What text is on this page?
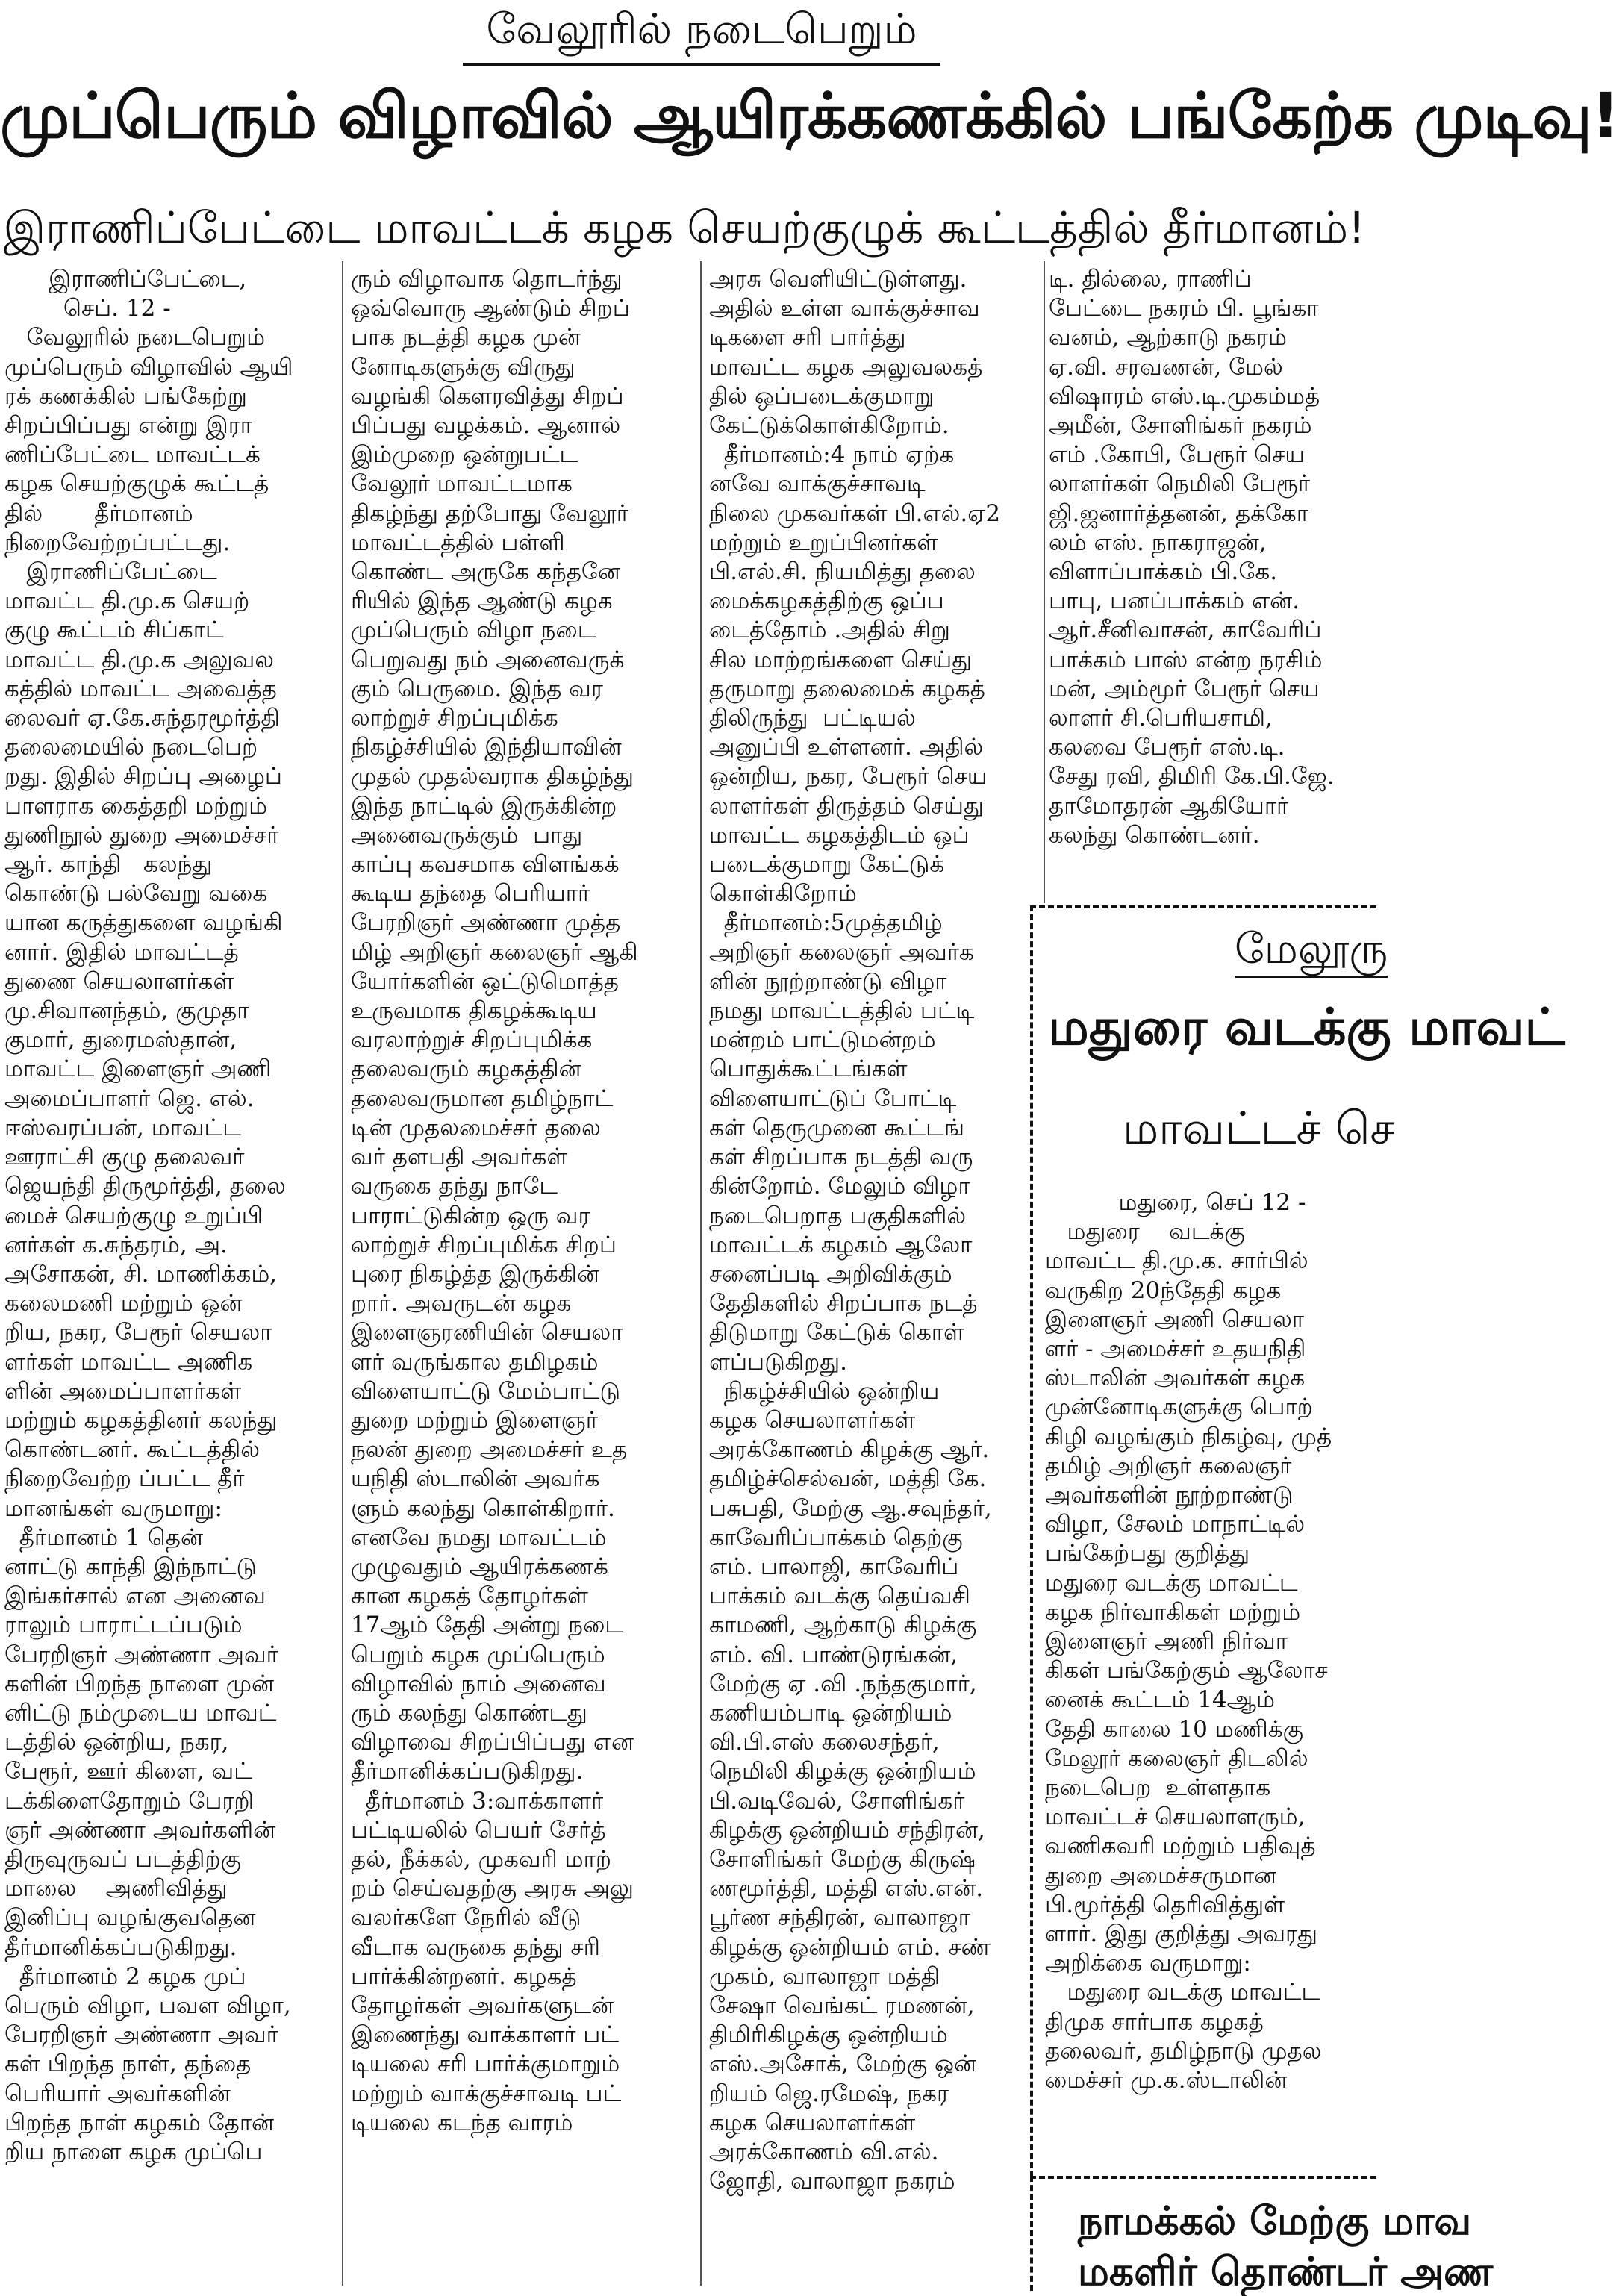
வேலூரில் நடைபெறும்
முப்பெரும் விழாவில் ஆயிரக்கணக்கில் பங்கேற்க முடிவு!
இராணிப்பேட்டை மாவட்டக் கழக செயற்குழுக் கூட்டத்தில் தீர்மானம்!
இராணிப்பேட்டை,
செப். 12 -
வேலூரில் நடைபெறும்
முப்பெரும் விழாவில் ஆயி
ரக் கணக்கில் பங்கேற்று
சிறப்பிப்பது என்று இரா
ணிப்பேட்டை மாவட்டக்
கழக செயற்குழுக் கூட்டத்
தில்       தீர்மானம்
நிறைவேற்றப்பட்டது.
இராணிப்பேட்டை
மாவட்ட தி.மு.க செயற்
குழு கூட்டம் சிப்காட்
மாவட்ட தி.மு.க அலுவல
கத்தில் மாவட்ட அவைத்த
லைவர் ஏ.கே.சுந்தரமூர்த்தி
தலைமையில் நடைபெற்
றது. இதில் சிறப்பு அழைப்
பாளராக கைத்தறி மற்றும்
துணிநூல் துறை அமைச்சர்
ஆர். காந்தி   கலந்து
கொண்டு பல்வேறு வகை
யான கருத்துகளை வழங்கி
னார். இதில் மாவட்டத்
துணை செயலாளர்கள்
மு.சிவானந்தம், குமுதா
குமார், துரைமஸ்தான்,
மாவட்ட இளைஞர் அணி
அமைப்பாளர் ஜெ. எல்.
ஈஸ்வரப்பன், மாவட்ட
ஊராட்சி குழு தலைவர்
ஜெயந்தி திருமூர்த்தி, தலை
மைச் செயற்குழு உறுப்பி
னர்கள் க.சுந்தரம், அ.
அசோகன், சி. மாணிக்கம்,
கலைமணி மற்றும் ஒன்
றிய, நகர, பேரூர் செயலா
ளர்கள் மாவட்ட அணிக
ளின் அமைப்பாளர்கள்
மற்றும் கழகத்தினர் கலந்து
கொண்டனர். கூட்டத்தில்
நிறைவேற்ற ப்பட்ட தீர்
மானங்கள் வருமாறு:
தீர்மானம் 1 தென்
னாட்டு காந்தி இந்நாட்டு
இங்கர்சால் என அனைவ
ராலும் பாராட்டப்படும்
பேரறிஞர் அண்ணா அவர்
களின் பிறந்த நாளை முன்
னிட்டு நம்முடைய மாவட்
டத்தில் ஒன்றிய, நகர,
பேரூர், ஊர் கிளை, வட்
டக்கிளைதோறும் பேரறி
ஞர் அண்ணா அவர்களின்
திருவுருவப் படத்திற்கு
மாலை    அணிவித்து
இனிப்பு வழங்குவதென
தீர்மானிக்கப்படுகிறது.
தீர்மானம் 2 கழக முப்
பெரும் விழா, பவள விழா,
பேரறிஞர் அண்ணா அவர்
கள் பிறந்த நாள், தந்தை
பெரியார் அவர்களின்
பிறந்த நாள் கழகம் தோன்
றிய நாளை கழக முப்பெ
ரும் விழாவாக தொடர்ந்து
ஒவ்வொரு ஆண்டும் சிறப்
பாக நடத்தி கழக முன்
னோடிகளுக்கு விருது
வழங்கி கௌரவித்து சிறப்
பிப்பது வழக்கம். ஆனால்
இம்முறை ஒன்றுபட்ட
வேலூர் மாவட்டமாக
திகழ்ந்து தற்போது வேலூர்
மாவட்டத்தில் பள்ளி
கொண்ட அருகே கந்தனே
ரியில் இந்த ஆண்டு கழக
முப்பெரும் விழா நடை
பெறுவது நம் அனைவருக்
கும் பெருமை. இந்த வர
லாற்றுச் சிறப்புமிக்க
நிகழ்ச்சியில் இந்தியாவின்
முதல் முதல்வராக திகழ்ந்து
இந்த நாட்டில் இருக்கின்ற
அனைவருக்கும்  பாது
காப்பு கவசமாக விளங்கக்
கூடிய தந்தை பெரியார்
பேரறிஞர் அண்ணா முத்த
மிழ் அறிஞர் கலைஞர் ஆகி
யோர்களின் ஒட்டுமொத்த
உருவமாக திகழக்கூடிய
வரலாற்றுச் சிறப்புமிக்க
தலைவரும் கழகத்தின்
தலைவருமான தமிழ்நாட்
டின் முதலமைச்சர் தலை
வர் தளபதி அவர்கள்
வருகை தந்து நாடே
பாராட்டுகின்ற ஒரு வர
லாற்றுச் சிறப்புமிக்க சிறப்
புரை நிகழ்த்த இருக்கின்
றார். அவருடன் கழக
இளைஞரணியின் செயலா
ளர் வருங்கால தமிழகம்
விளையாட்டு மேம்பாட்டு
துறை மற்றும் இளைஞர்
நலன் துறை அமைச்சர் உத
யநிதி ஸ்டாலின் அவர்க
ளும் கலந்து கொள்கிறார்.
எனவே நமது மாவட்டம்
முழுவதும் ஆயிரக்கணக்
கான கழகத் தோழர்கள்
17ஆம் தேதி அன்று நடை
பெறும் கழக முப்பெரும்
விழாவில் நாம் அனைவ
ரும் கலந்து கொண்டது
விழாவை சிறப்பிப்பது என
தீர்மானிக்கப்படுகிறது.
தீர்மானம் 3:வாக்காளர்
பட்டியலில் பெயர் சேர்த்
தல், நீக்கல், முகவரி மாற்
றம் செய்வதற்கு அரசு அலு
வலர்களே நேரில் வீடு
வீடாக வருகை தந்து சரி
பார்க்கின்றனர். கழகத்
தோழர்கள் அவர்களுடன்
இணைந்து வாக்காளர் பட்
டியலை சரி பார்க்குமாறும்
மற்றும் வாக்குச்சாவடி பட்
டியலை கடந்த வாரம்
அரசு வெளியிட்டுள்ளது.
அதில் உள்ள வாக்குச்சாவ
டிகளை சரி பார்த்து
மாவட்ட கழக அலுவலகத்
தில் ஒப்படைக்குமாறு
கேட்டுக்கொள்கிறோம்.
தீர்மானம்:4 நாம் ஏற்க
னவே வாக்குச்சாவடி
நிலை முகவர்கள் பி.எல்.ஏ2
மற்றும் உறுப்பினர்கள்
பி.எல்.சி. நியமித்து தலை
மைக்கழகத்திற்கு ஒப்ப
டைத்தோம் .அதில் சிறு
சில மாற்றங்களை செய்து
தருமாறு தலைமைக் கழகத்
திலிருந்து  பட்டியல்
அனுப்பி உள்ளனர். அதில்
ஒன்றிய, நகர, பேரூர் செய
லாளர்கள் திருத்தம் செய்து
மாவட்ட கழகத்திடம் ஒப்
படைக்குமாறு கேட்டுக்
கொள்கிறோம்
தீர்மானம்:5முத்தமிழ்
அறிஞர் கலைஞர் அவர்க
ளின் நூற்றாண்டு விழா
நமது மாவட்டத்தில் பட்டி
மன்றம் பாட்டுமன்றம்
பொதுக்கூட்டங்கள்
விளையாட்டுப் போட்டி
கள் தெருமுனை கூட்டங்
கள் சிறப்பாக நடத்தி வரு
கின்றோம். மேலும் விழா
நடைபெறாத பகுதிகளில்
மாவட்டக் கழகம் ஆலோ
சனைப்படி அறிவிக்கும்
தேதிகளில் சிறப்பாக நடத்
திடுமாறு கேட்டுக் கொள்
ளப்படுகிறது.
நிகழ்ச்சியில் ஒன்றிய
கழக செயலாளர்கள்
அரக்கோணம் கிழக்கு ஆர்.
தமிழ்ச்செல்வன், மத்தி கே.
பசுபதி, மேற்கு ஆ.சவுந்தர்,
காவேரிப்பாக்கம் தெற்கு
எம். பாலாஜி, காவேரிப்
பாக்கம் வடக்கு தெய்வசி
காமணி, ஆற்காடு கிழக்கு
எம். வி. பாண்டுரங்கன்,
மேற்கு ஏ .வி .நந்தகுமார்,
கணியம்பாடி ஒன்றியம்
வி.பி.எஸ் கலைசந்தர்,
நெமிலி கிழக்கு ஒன்றியம்
பி.வடிவேல், சோளிங்கர்
கிழக்கு ஒன்றியம் சந்திரன்,
சோளிங்கர் மேற்கு கிருஷ்
ணமூர்த்தி, மத்தி எஸ்.என்.
பூர்ண சந்திரன், வாலாஜா
கிழக்கு ஒன்றியம் எம். சண்
முகம், வாலாஜா மத்தி
சேஷா வெங்கட் ரமணன்,
திமிரிகிழக்கு ஒன்றியம்
எஸ்.அசோக், மேற்கு ஒன்
றியம் ஜெ.ரமேஷ், நகர
கழக செயலாளர்கள்
அரக்கோணம் வி.எல்.
ஜோதி, வாலாஜா நகரம்
டி. தில்லை, ராணிப்
பேட்டை நகரம் பி. பூங்கா
வனம், ஆற்காடு நகரம்
ஏ.வி. சரவணன், மேல்
விஷாரம் எஸ்.டி.முகம்மத்
அமீன், சோளிங்கர் நகரம்
எம் .கோபி, பேரூர் செய
லாளர்கள் நெமிலி பேரூர்
ஜி.ஜனார்த்தனன், தக்கோ
லம் எஸ். நாகராஜன்,
விளாப்பாக்கம் பி.கே.
பாபு, பனப்பாக்கம் என்.
ஆர்.சீனிவாசன், காவேரிப்
பாக்கம் பாஸ் என்ற நரசிம்
மன், அம்மூர் பேரூர் செய
லாளர் சி.பெரியசாமி,
கலவை பேரூர் எஸ்.டி.
சேது ரவி, திமிரி கே.பி.ஜே.
தாமோதரன் ஆகியோர்
கலந்து கொண்டனர்.
மேலூரு
மதுரை வடக்கு மாவட்
மாவட்டச் செ
மதுரை, செப் 12 -
மதுரை    வடக்கு
மாவட்ட தி.மு.க. சார்பில்
வருகிற 20ந்தேதி கழக
இளைஞர் அணி செயலா
ளர் - அமைச்சர் உதயநிதி
ஸ்டாலின் அவர்கள் கழக
முன்னோடிகளுக்கு பொற்
கிழி வழங்கும் நிகழ்வு, முத்
தமிழ் அறிஞர் கலைஞர்
அவர்களின் நூற்றாண்டு
விழா, சேலம் மாநாட்டில்
பங்கேற்பது குறித்து
மதுரை வடக்கு மாவட்ட
கழக நிர்வாகிகள் மற்றும்
இளைஞர் அணி நிர்வா
கிகள் பங்கேற்கும் ஆலோச
னைக் கூட்டம் 14ஆம்
தேதி காலை 10 மணிக்கு
மேலூர் கலைஞர் திடலில்
நடைபெற  உள்ளதாக
மாவட்டச் செயலாளரும்,
வணிகவரி மற்றும் பதிவுத்
துறை அமைச்சருமான
பி.மூர்த்தி தெரிவித்துள்
ளார். இது குறித்து அவரது
அறிக்கை வருமாறு:
மதுரை வடக்கு மாவட்ட
திமுக சார்பாக கழகத்
தலைவர், தமிழ்நாடு முதல
மைச்சர் மு.க.ஸ்டாலின்
நாமக்கல் மேற்கு மாவ
மகளிர் தொண்டர் அண
